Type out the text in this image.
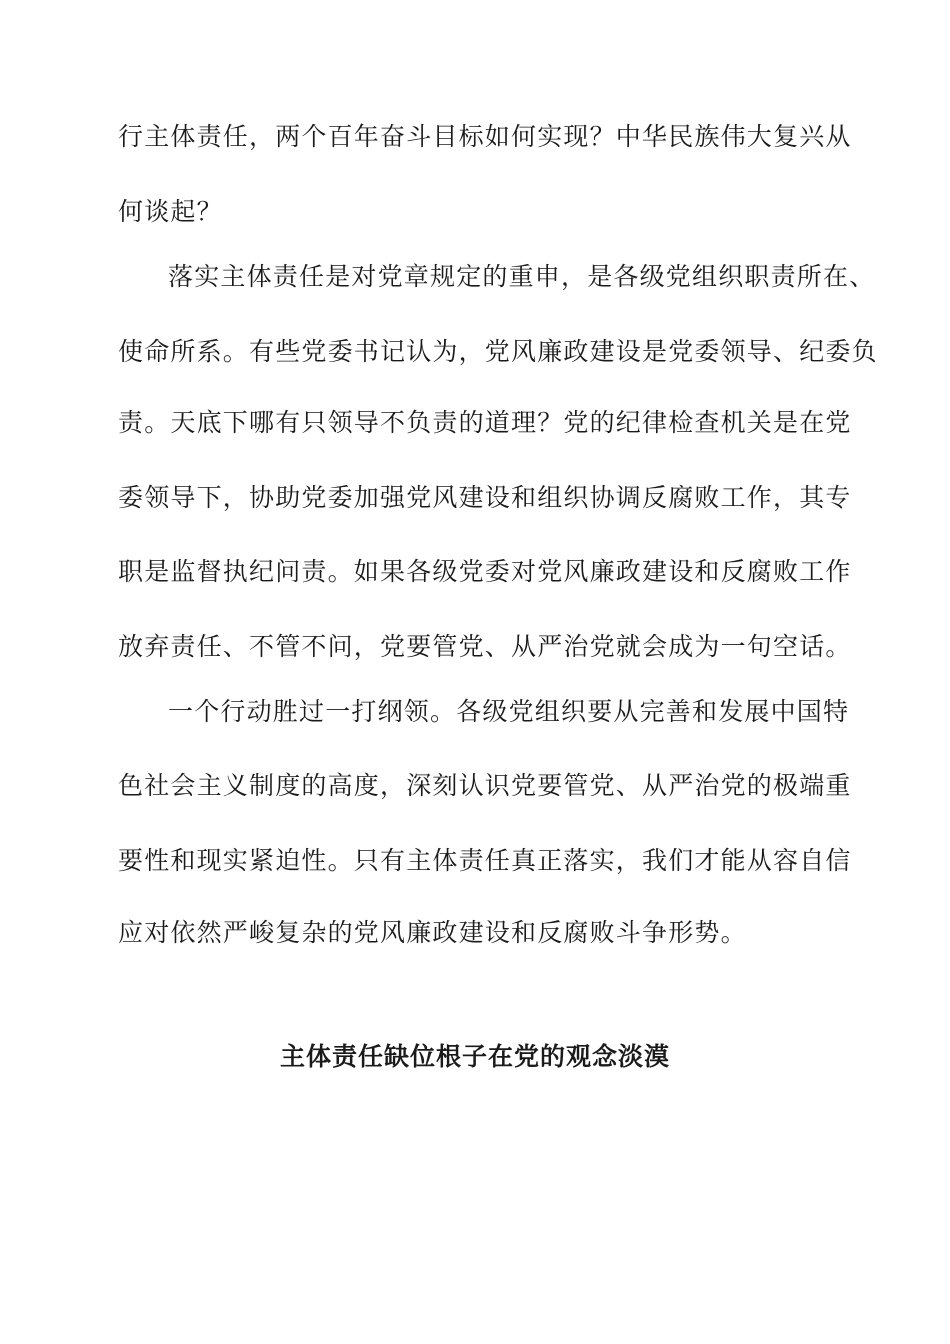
行主体责任，两个百年奋斗目标如何实现？中华民族伟大复兴从
何谈起？
落实主体责任是对党章规定的重申，是各级党组织职责所在、
使命所系。有些党委书记认为，党风廉政建设是党委领导、纪委负
责。天底下哪有只领导不负责的道理？党的纪律检查机关是在党
委领导下，协助党委加强党风建设和组织协调反腐败工作，其专
职是监督执纪问责。如果各级党委对党风廉政建设和反腐败工作
放弃责任、不管不问，党要管党、从严治党就会成为一句空话。
一个行动胜过一打纲领。各级党组织要从完善和发展中国特
色社会主义制度的高度，深刻认识党要管党、从严治党的极端重
要性和现实紧迫性。只有主体责任真正落实，我们才能从容自信
应对依然严峻复杂的党风廉政建设和反腐败斗争形势。
主体责任缺位根子在党的观念淡漠
